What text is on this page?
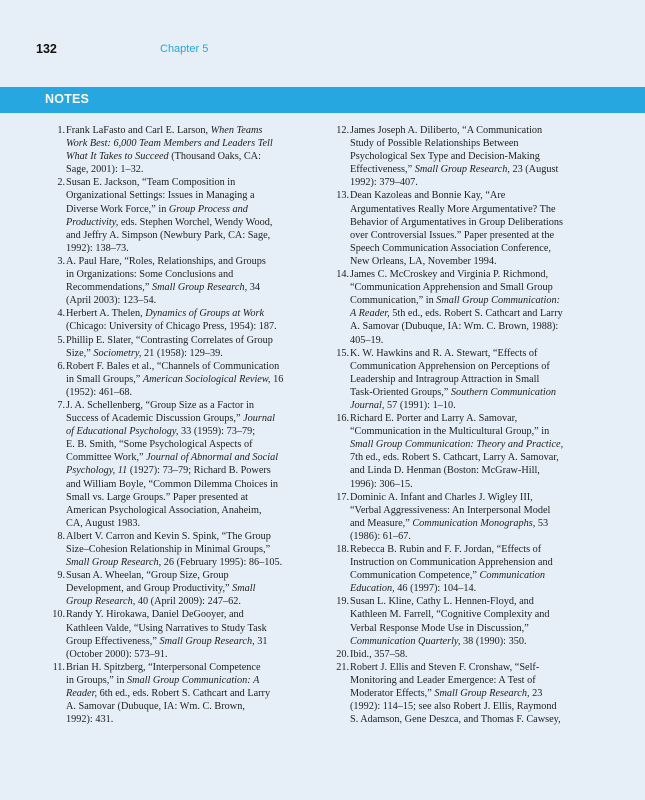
132	Chapter 5
NOTES
1. Frank LaFasto and Carl E. Larson, When Teams
Work Best: 6,000 Team Members and Leaders Tell
What It Takes to Succeed (Thousand Oaks, CA:
Sage, 2001): 1–32.
2. Susan E. Jackson, “Team Composition in
Organizational Settings: Issues in Managing a
Diverse Work Force,” in Group Process and
Productivity, eds. Stephen Worchel, Wendy Wood,
and Jeffry A. Simpson (Newbury Park, CA: Sage,
1992): 138–73.
3. A. Paul Hare, “Roles, Relationships, and Groups
in Organizations: Some Conclusions and
Recommendations,” Small Group Research, 34
(April 2003): 123–54.
4. Herbert A. Thelen, Dynamics of Groups at Work
(Chicago: University of Chicago Press, 1954): 187.
5. Phillip E. Slater, “Contrasting Correlates of Group
Size,” Sociometry, 21 (1958): 129–39.
6. Robert F. Bales et al., “Channels of Communication
in Small Groups,” American Sociological Review, 16
(1952): 461–68.
7. J. A. Schellenberg, “Group Size as a Factor in
Success of Academic Discussion Groups,” Journal
of Educational Psychology, 33 (1959): 73–79;
E. B. Smith, “Some Psychological Aspects of
Committee Work,” Journal of Abnormal and Social
Psychology, 11 (1927): 73–79; Richard B. Powers
and William Boyle, “Common Dilemma Choices in
Small vs. Large Groups.” Paper presented at
American Psychological Association, Anaheim,
CA, August 1983.
8. Albert V. Carron and Kevin S. Spink, “The Group
Size–Cohesion Relationship in Minimal Groups,”
Small Group Research, 26 (February 1995): 86–105.
9. Susan A. Wheelan, “Group Size, Group
Development, and Group Productivity,” Small
Group Research, 40 (April 2009): 247–62.
10. Randy Y. Hirokawa, Daniel DeGooyer, and
Kathleen Valde, “Using Narratives to Study Task
Group Effectiveness,” Small Group Research, 31
(October 2000): 573–91.
11. Brian H. Spitzberg, “Interpersonal Competence
in Groups,” in Small Group Communication: A
Reader, 6th ed., eds. Robert S. Cathcart and Larry
A. Samovar (Dubuque, IA: Wm. C. Brown,
1992): 431.
12. James Joseph A. Diliberto, “A Communication
Study of Possible Relationships Between
Psychological Sex Type and Decision-Making
Effectiveness,” Small Group Research, 23 (August
1992): 379–407.
13. Dean Kazoleas and Bonnie Kay, “Are
Argumentatives Really More Argumentative? The
Behavior of Argumentatives in Group Deliberations
over Controversial Issues.” Paper presented at the
Speech Communication Association Conference,
New Orleans, LA, November 1994.
14. James C. McCroskey and Virginia P. Richmond,
“Communication Apprehension and Small Group
Communication,” in Small Group Communication:
A Reader, 5th ed., eds. Robert S. Cathcart and Larry
A. Samovar (Dubuque, IA: Wm. C. Brown, 1988):
405–19.
15. K. W. Hawkins and R. A. Stewart, “Effects of
Communication Apprehension on Perceptions of
Leadership and Intragroup Attraction in Small
Task-Oriented Groups,” Southern Communication
Journal, 57 (1991): 1–10.
16. Richard E. Porter and Larry A. Samovar,
“Communication in the Multicultural Group,” in
Small Group Communication: Theory and Practice,
7th ed., eds. Robert S. Cathcart, Larry A. Samovar,
and Linda D. Henman (Boston: McGraw-Hill,
1996): 306–15.
17. Dominic A. Infant and Charles J. Wigley III,
“Verbal Aggressiveness: An Interpersonal Model
and Measure,” Communication Monographs, 53
(1986): 61–67.
18. Rebecca B. Rubin and F. F. Jordan, “Effects of
Instruction on Communication Apprehension and
Communication Competence,” Communication
Education, 46 (1997): 104–14.
19. Susan L. Kline, Cathy L. Hennen-Floyd, and
Kathleen M. Farrell, “Cognitive Complexity and
Verbal Response Mode Use in Discussion,”
Communication Quarterly, 38 (1990): 350.
20. Ibid., 357–58.
21. Robert J. Ellis and Steven F. Cronshaw, “Self-
Monitoring and Leader Emergence: A Test of
Moderator Effects,” Small Group Research, 23
(1992): 114–15; see also Robert J. Ellis, Raymond
S. Adamson, Gene Deszca, and Thomas F. Cawsey,
